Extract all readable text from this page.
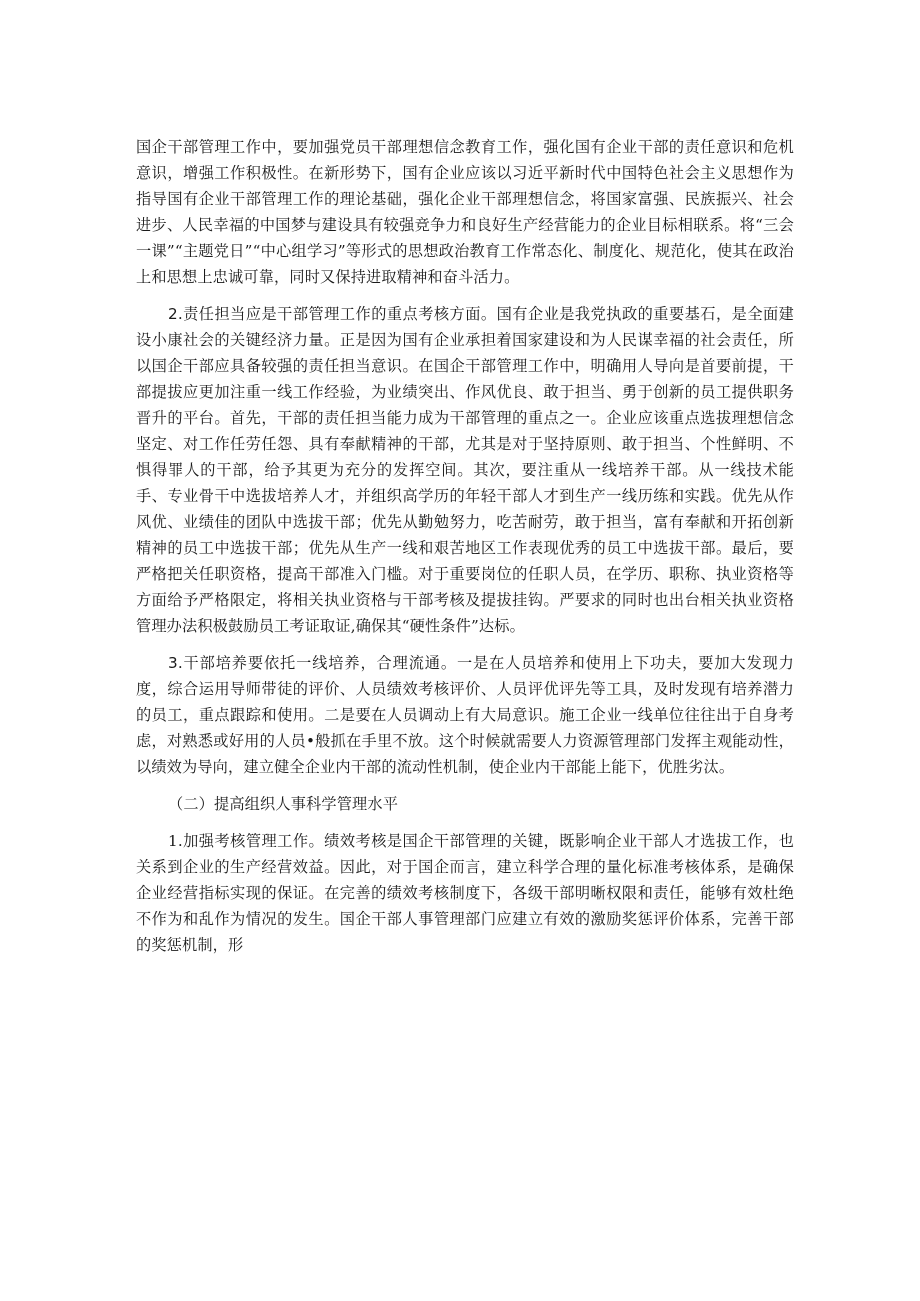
国企干部管理工作中，要加强党员干部理想信念教育工作，强化国有企业干部的责任意识和危机意识，增强工作积极性。在新形势下，国有企业应该以习近平新时代中国特色社会主义思想作为指导国有企业干部管理工作的理论基础，强化企业干部理想信念，将国家富强、民族振兴、社会进步、人民幸福的中国梦与建设具有较强竞争力和良好生产经营能力的企业目标相联系。将“三会一课”“主题党日”“中心组学习”等形式的思想政治教育工作常态化、制度化、规范化，使其在政治上和思想上忠诚可靠，同时又保持进取精神和奋斗活力。

2.责任担当应是干部管理工作的重点考核方面。国有企业是我党执政的重要基石，是全面建设小康社会的关键经济力量。正是因为国有企业承担着国家建设和为人民谋幸福的社会责任，所以国企干部应具备较强的责任担当意识。在国企干部管理工作中，明确用人导向是首要前提，干部提拔应更加注重一线工作经验，为业绩突出、作风优良、敢于担当、勇于创新的员工提供职务晋升的平台。首先，干部的责任担当能力成为干部管理的重点之一。企业应该重点选拔理想信念坚定、对工作任劳任怨、具有奉献精神的干部，尤其是对于坚持原则、敢于担当、个性鲜明、不惧得罪人的干部，给予其更为充分的发挥空间。其次，要注重从一线培养干部。从一线技术能手、专业骨干中选拔培养人才，并组织高学历的年轻干部人才到生产一线历练和实践。优先从作风优、业绩佳的团队中选拔干部；优先从勤勉努力，吃苦耐劳，敢于担当，富有奉献和开拓创新精神的员工中选拔干部；优先从生产一线和艰苦地区工作表现优秀的员工中选拔干部。最后，要严格把关任职资格，提高干部准入门槛。对于重要岗位的任职人员，在学历、职称、执业资格等方面给予严格限定，将相关执业资格与干部考核及提拔挂钩。严要求的同时也出台相关执业资格管理办法积极鼓励员工考证取证,确保其“硬性条件”达标。

3.干部培养要依托一线培养，合理流通。一是在人员培养和使用上下功夫，要加大发现力度，综合运用导师带徒的评价、人员绩效考核评价、人员评优评先等工具，及时发现有培养潜力的员工，重点跟踪和使用。二是要在人员调动上有大局意识。施工企业一线单位往往出于自身考虑，对熟悉或好用的人员•般抓在手里不放。这个时候就需要人力资源管理部门发挥主观能动性，以绩效为导向，建立健全企业内干部的流动性机制，使企业内干部能上能下，优胜劣汰。

（二）提高组织人事科学管理水平

1.加强考核管理工作。绩效考核是国企干部管理的关键，既影响企业干部人才选拔工作，也关系到企业的生产经营效益。因此，对于国企而言，建立科学合理的量化标准考核体系，是确保企业经营指标实现的保证。在完善的绩效考核制度下，各级干部明晰权限和责任，能够有效杜绝不作为和乱作为情况的发生。国企干部人事管理部门应建立有效的激励奖惩评价体系，完善干部的奖惩机制，形
